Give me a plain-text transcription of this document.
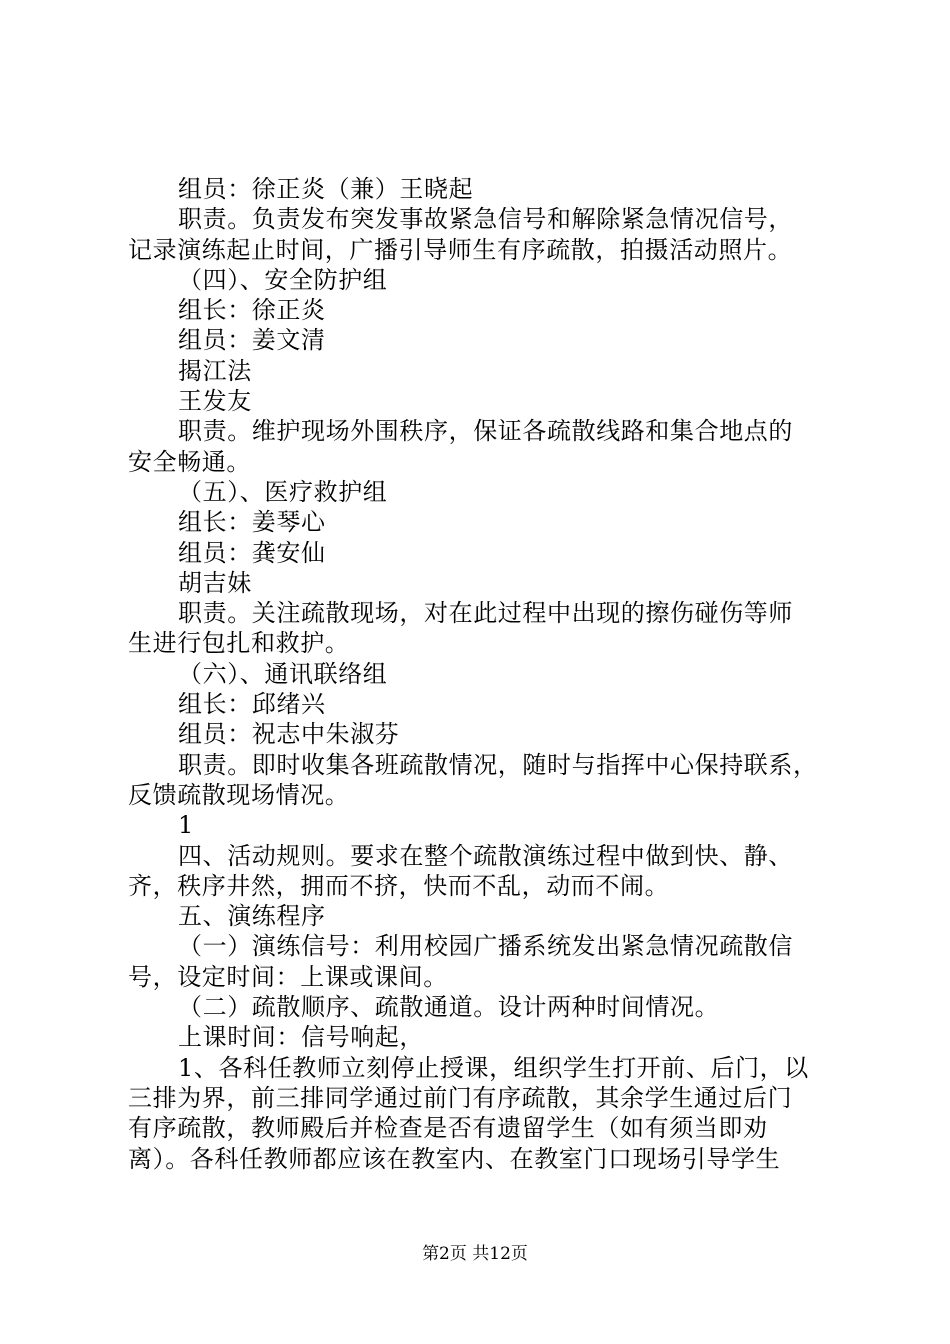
组员：徐正炎（兼）王晓起
职责。负责发布突发事故紧急信号和解除紧急情况信号，
记录演练起止时间，广播引导师生有序疏散，拍摄活动照片。
（四）、安全防护组
组长：徐正炎
组员：姜文清
揭江法
王发友
职责。维护现场外围秩序，保证各疏散线路和集合地点的
安全畅通。
（五）、医疗救护组
组长：姜琴心
组员：龚安仙
胡吉妹
职责。关注疏散现场，对在此过程中出现的擦伤碰伤等师
生进行包扎和救护。
（六）、通讯联络组
组长：邱绪兴
组员：祝志中朱淑芬
职责。即时收集各班疏散情况，随时与指挥中心保持联系，
反馈疏散现场情况。
1
四、活动规则。要求在整个疏散演练过程中做到快、静、
齐，秩序井然，拥而不挤，快而不乱，动而不闹。
五、演练程序
（一）演练信号：利用校园广播系统发出紧急情况疏散信
号，设定时间：上课或课间。
（二）疏散顺序、疏散通道。设计两种时间情况。
上课时间：信号响起，
1、各科任教师立刻停止授课，组织学生打开前、后门，以
三排为界，前三排同学通过前门有序疏散，其余学生通过后门
有序疏散，教师殿后并检查是否有遗留学生（如有须当即劝
离）。各科任教师都应该在教室内、在教室门口现场引导学生
第2页 共12页
